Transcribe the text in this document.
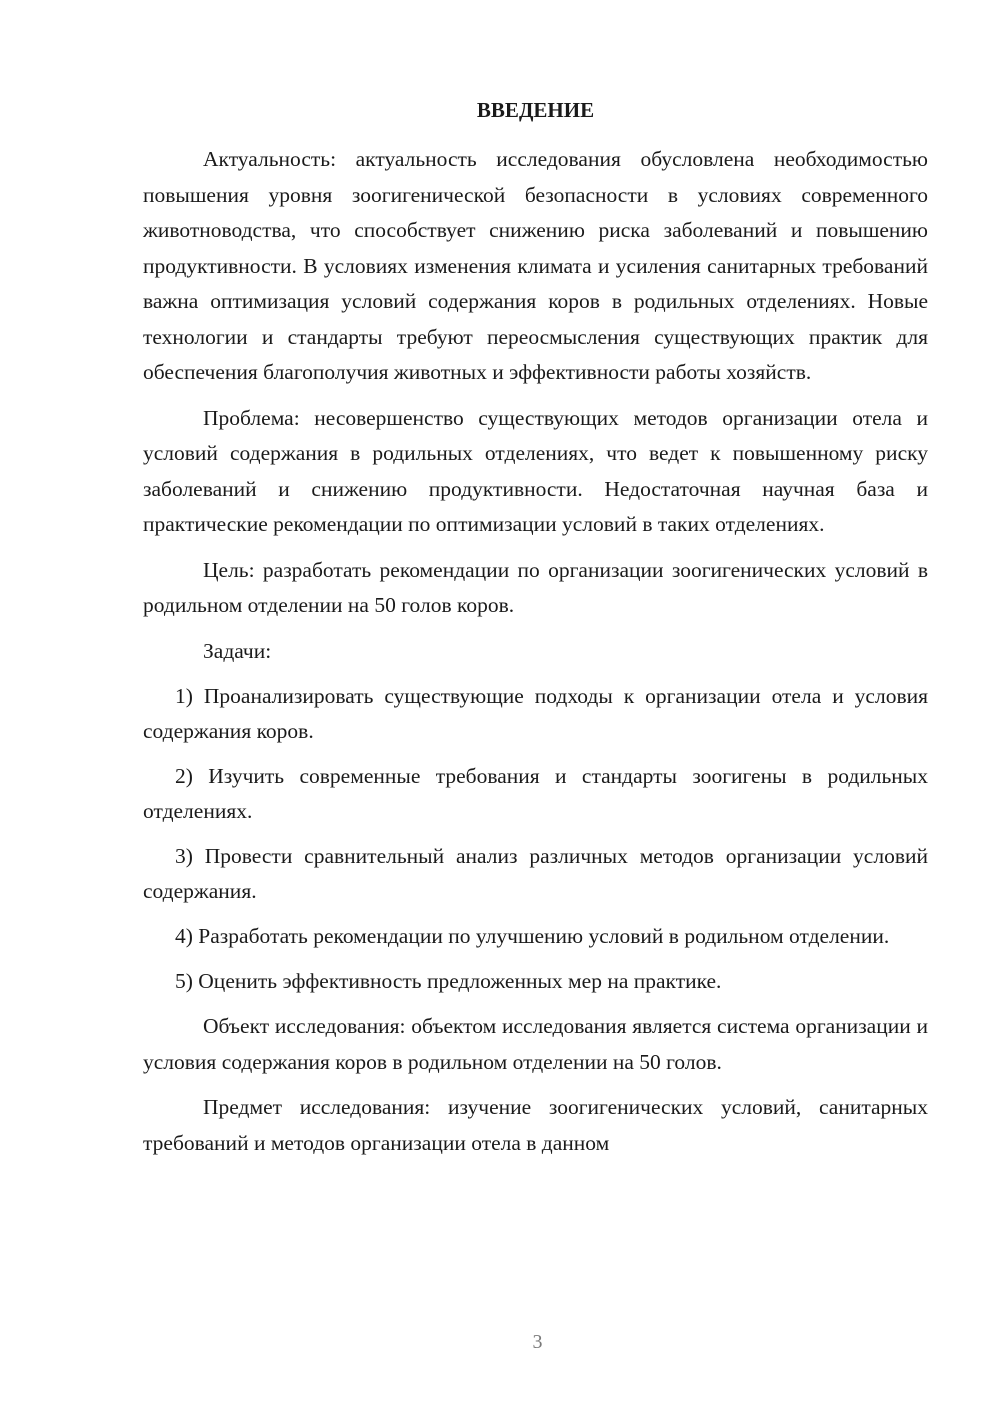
ВВЕДЕНИЕ

Актуальность: актуальность исследования обусловлена необходимостью повышения уровня зоогигенической безопасности в условиях современного животноводства, что способствует снижению риска заболеваний и повышению продуктивности. В условиях изменения климата и усиления санитарных требований важна оптимизация условий содержания коров в родильных отделениях. Новые технологии и стандарты требуют переосмысления существующих практик для обеспечения благополучия животных и эффективности работы хозяйств.

Проблема: несовершенство существующих методов организации отела и условий содержания в родильных отделениях, что ведет к повышенному риску заболеваний и снижению продуктивности. Недостаточная научная база и практические рекомендации по оптимизации условий в таких отделениях.

Цель: разработать рекомендации по организации зоогигенических условий в родильном отделении на 50 голов коров.

Задачи:

1) Проанализировать существующие подходы к организации отела и условия содержания коров.

2) Изучить современные требования и стандарты зоогигены в родильных отделениях.

3) Провести сравнительный анализ различных методов организации условий содержания.

4) Разработать рекомендации по улучшению условий в родильном отделении.

5) Оценить эффективность предложенных мер на практике.

Объект исследования: объектом исследования является система организации и условия содержания коров в родильном отделении на 50 голов.

Предмет исследования: изучение зоогигенических условий, санитарных требований и методов организации отела в данном

3
